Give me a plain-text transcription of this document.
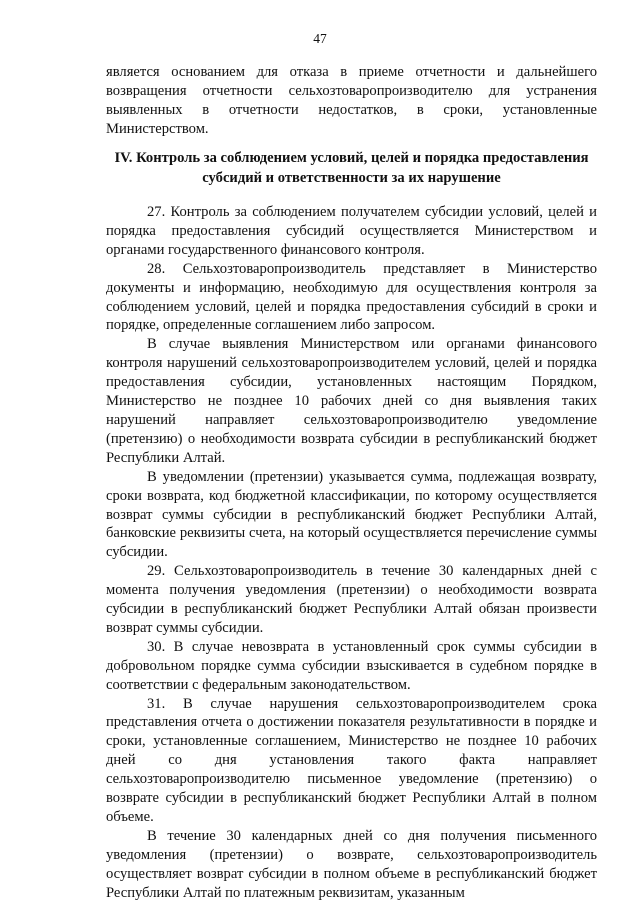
47

является основанием для отказа в приеме отчетности и дальнейшего возвращения отчетности сельхозтоваропроизводителю для устранения выявленных в отчетности недостатков, в сроки, установленные Министерством.

IV. Контроль за соблюдением условий, целей и порядка предоставления субсидий и ответственности за их нарушение

27. Контроль за соблюдением получателем субсидии условий, целей и порядка предоставления субсидий осуществляется Министерством и органами государственного финансового контроля.

28. Сельхозтоваропроизводитель представляет в Министерство документы и информацию, необходимую для осуществления контроля за соблюдением условий, целей и порядка предоставления субсидий в сроки и порядке, определенные соглашением либо запросом.

В случае выявления Министерством или органами финансового контроля нарушений сельхозтоваропроизводителем условий, целей и порядка предоставления субсидии, установленных настоящим Порядком, Министерство не позднее 10 рабочих дней со дня выявления таких нарушений направляет сельхозтоваропроизводителю уведомление (претензию) о необходимости возврата субсидии в республиканский бюджет Республики Алтай.

В уведомлении (претензии) указывается сумма, подлежащая возврату, сроки возврата, код бюджетной классификации, по которому осуществляется возврат суммы субсидии в республиканский бюджет Республики Алтай, банковские реквизиты счета, на который осуществляется перечисление суммы субсидии.

29. Сельхозтоваропроизводитель в течение 30 календарных дней с момента получения уведомления (претензии) о необходимости возврата субсидии в республиканский бюджет Республики Алтай обязан произвести возврат суммы субсидии.

30. В случае невозврата в установленный срок суммы субсидии в добровольном порядке сумма субсидии взыскивается в судебном порядке в соответствии с федеральным законодательством.

31. В случае нарушения сельхозтоваропроизводителем срока представления отчета о достижении показателя результативности в порядке и сроки, установленные соглашением, Министерство не позднее 10 рабочих дней со дня установления такого факта направляет сельхозтоваропроизводителю письменное уведомление (претензию) о возврате субсидии в республиканский бюджет Республики Алтай в полном объеме.

В течение 30 календарных дней со дня получения письменного уведомления (претензии) о возврате, сельхозтоваропроизводитель осуществляет возврат субсидии в полном объеме в республиканский бюджет Республики Алтай по платежным реквизитам, указанным
